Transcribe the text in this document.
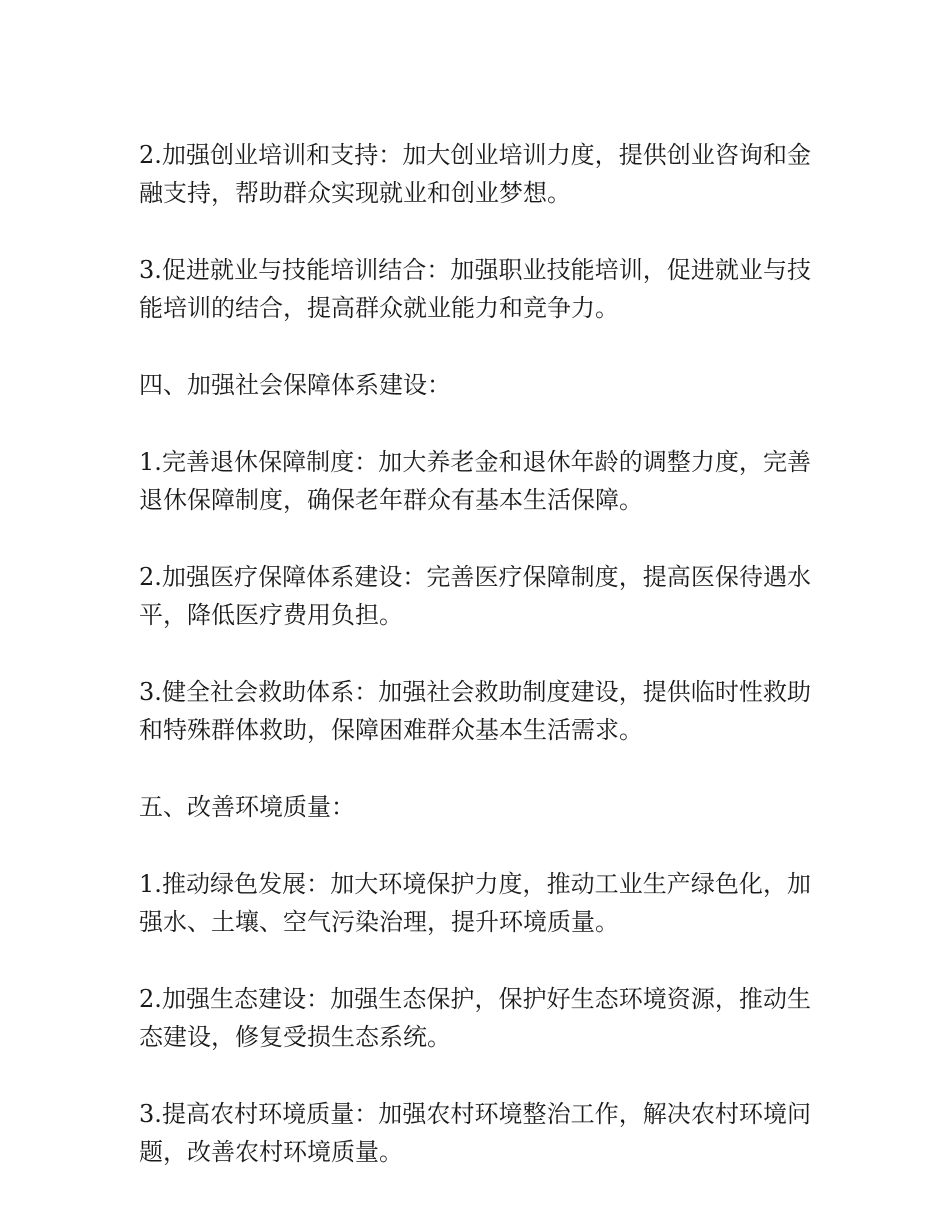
2.加强创业培训和支持：加大创业培训力度，提供创业咨询和金融支持，帮助群众实现就业和创业梦想。

3.促进就业与技能培训结合：加强职业技能培训，促进就业与技能培训的结合，提高群众就业能力和竞争力。

四、加强社会保障体系建设：

1.完善退休保障制度：加大养老金和退休年龄的调整力度，完善退休保障制度，确保老年群众有基本生活保障。

2.加强医疗保障体系建设：完善医疗保障制度，提高医保待遇水平，降低医疗费用负担。

3.健全社会救助体系：加强社会救助制度建设，提供临时性救助和特殊群体救助，保障困难群众基本生活需求。

五、改善环境质量：

1.推动绿色发展：加大环境保护力度，推动工业生产绿色化，加强水、土壤、空气污染治理，提升环境质量。

2.加强生态建设：加强生态保护，保护好生态环境资源，推动生态建设，修复受损生态系统。

3.提高农村环境质量：加强农村环境整治工作，解决农村环境问题，改善农村环境质量。
